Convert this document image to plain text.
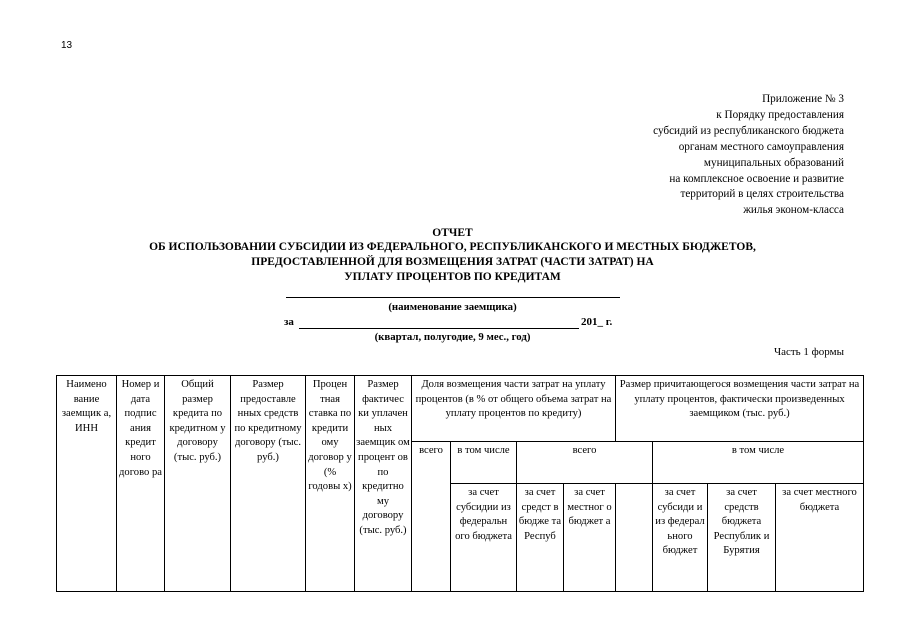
13
Приложение № 3
к Порядку предоставления
субсидий из республиканского бюджета
органам местного самоуправления
муниципальных образований
на комплексное освоение и развитие
территорий в целях строительства
жилья эконом-класса
ОТЧЕТ
ОБ ИСПОЛЬЗОВАНИИ СУБСИДИИ ИЗ ФЕДЕРАЛЬНОГО, РЕСПУБЛИКАНСКОГО И МЕСТНЫХ БЮДЖЕТОВ,
ПРЕДОСТАВЛЕННОЙ ДЛЯ ВОЗМЕЩЕНИЯ ЗАТРАТ (ЧАСТИ ЗАТРАТ) НА
УПЛАТУ ПРОЦЕНТОВ ПО КРЕДИТАМ
(наименование заемщика)
за	201_ г.
(квартал, полугодие, 9 мес., год)
Часть 1 формы
Наимено вание заемщик а, ИНН	Номер и дата подпис ания кредит ного догово ра	Общий размер кредита по кредитном у договору (тыс. руб.)	Размер предоставле нных средств по кредитному договору (тыс. руб.)	Процен тная ставка по кредити ому договор у (% годовы х)	Размер фактичес ки уплачен ных заемщик ом процент ов по кредитно му договору (тыс. руб.)	Доля возмещения части затрат на уплату процентов (в % от общего объема затрат на уплату процентов по кредиту)				Размер причитающегося возмещения части затрат на уплату процентов, фактически произведенных заемщиком (тыс. руб.)			
						всего	в том числе	всего			в том числе		
							за счет субсидии из федеральн ого бюджета	за счет средст в бюдже та Респуб	за счет местног о бюджет а		за счет субсиди и из федерал ьного бюджет	за счет средств бюджета Республик и Бурятия	за счет местного бюджета
